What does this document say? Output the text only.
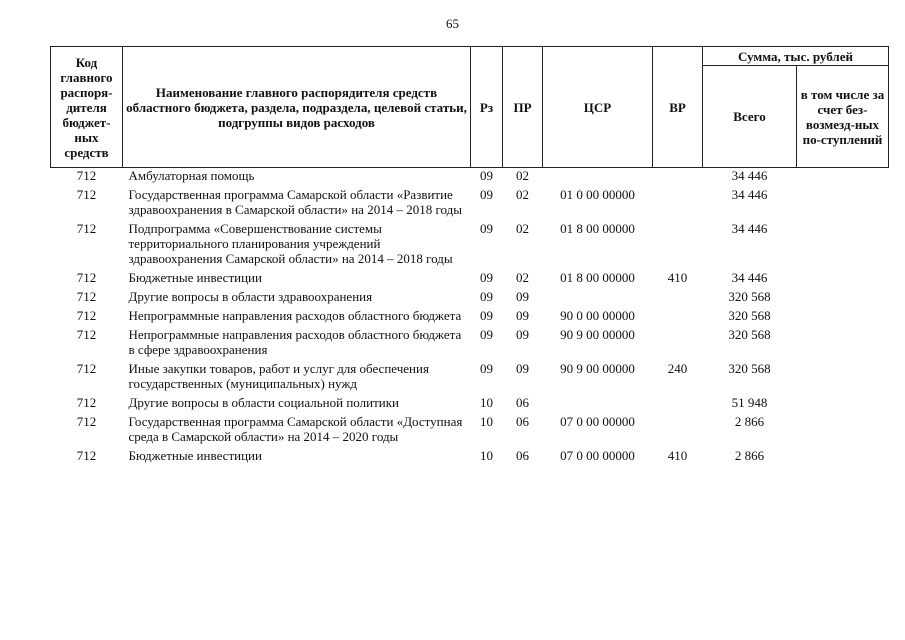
65
Код главного распоря-дителя бюджет-ных средств	Наименование главного распорядителя средств областного бюджета, раздела, подраздела, целевой статьи, подгруппы видов расходов	Рз	ПР	ЦСР	ВР	Сумма, тыс. рублей	
						Всего	в том числе за счет без-возмезд-ных по-ступлений
712	Амбулаторная помощь	09	02			34 446	
712	Государственная программа Самарской области «Развитие здравоохранения в Самарской области» на 2014 – 2018 годы	09	02	01 0 00 00000		34 446	
712	Подпрограмма «Совершенствование системы территориального планирования учреждений здравоохранения Самарской области» на 2014 – 2018 годы	09	02	01 8 00 00000		34 446	
712	Бюджетные инвестиции	09	02	01 8 00 00000	410	34 446	
712	Другие вопросы в области здравоохранения	09	09			320 568	
712	Непрограммные направления расходов областного бюджета	09	09	90 0 00 00000		320 568	
712	Непрограммные направления расходов областного бюджета в сфере здравоохранения	09	09	90 9 00 00000		320 568	
712	Иные закупки товаров, работ и услуг для обеспечения государственных (муниципальных) нужд	09	09	90 9 00 00000	240	320 568	
712	Другие вопросы в области социальной политики	10	06			51 948	
712	Государственная программа Самарской области «Доступная среда в Самарской области» на 2014 – 2020 годы	10	06	07 0 00 00000		2 866	
712	Бюджетные инвестиции	10	06	07 0 00 00000	410	2 866	
